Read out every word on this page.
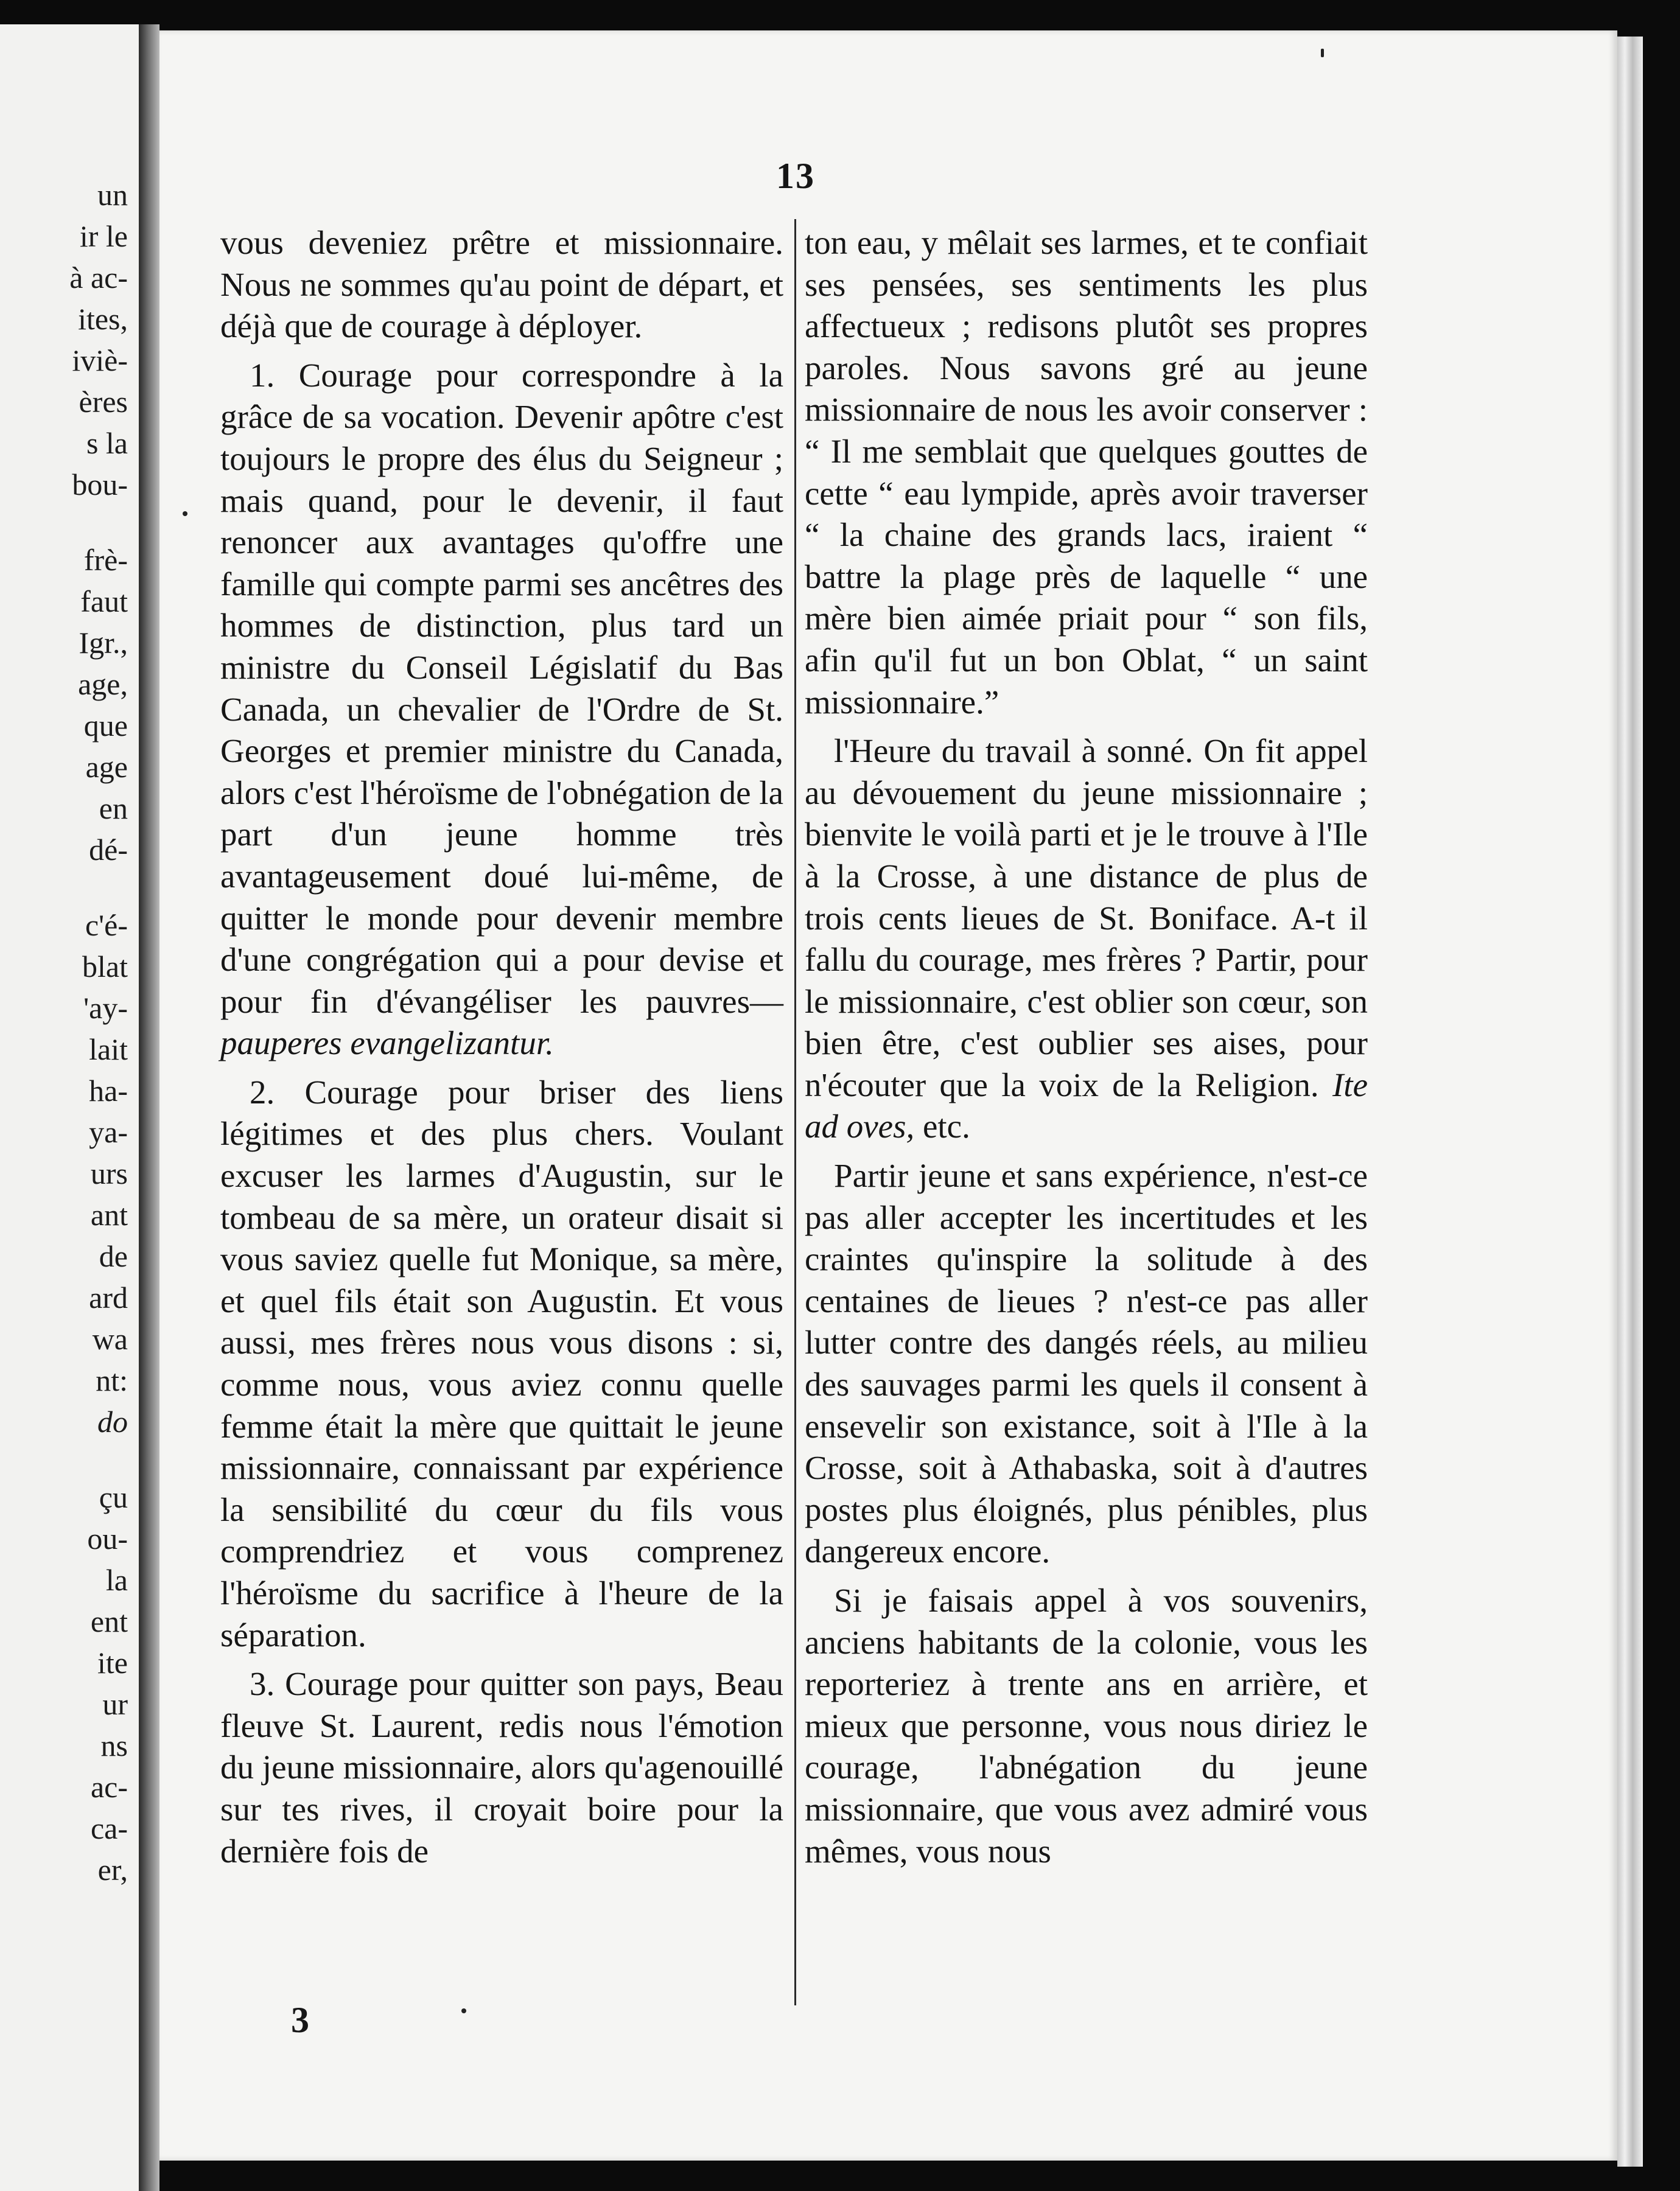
un
ir le
à ac-
ites,
iviè-
ères
s la
bou-
frè-
faut
Igr.,
age,
que
age
en
dé-
c'é-
blat
'ay-
lait
ha-
ya-
urs
ant
de
ard
wa
nt:
do
çu
ou-
la
ent
ite
ur
ns
ac-
ca-
er,
13

vous deveniez prêtre et missionnaire. Nous ne sommes qu'au point de départ, et déjà que de courage à déployer.

1. Courage pour correspondre à la grâce de sa vocation. Devenir apôtre c'est toujours le propre des élus du Seigneur ; mais quand, pour le devenir, il faut renoncer aux avantages qu'offre une famille qui compte parmi ses ancêtres des hommes de distinction, plus tard un ministre du Conseil Législatif du Bas Canada, un chevalier de l'Ordre de St. Georges et premier ministre du Canada, alors c'est l'héroïsme de l'obnégation de la part d'un jeune homme très avantageusement doué lui-même, de quitter le monde pour devenir membre d'une congrégation qui a pour devise et pour fin d'évangéliser les pauvres—pauperes evangelizantur.

2. Courage pour briser des liens légitimes et des plus chers. Voulant excuser les larmes d'Augustin, sur le tombeau de sa mère, un orateur disait si vous saviez quelle fut Monique, sa mère, et quel fils était son Augustin. Et vous aussi, mes frères nous vous disons : si, comme nous, vous aviez connu quelle femme était la mère que quittait le jeune missionnaire, connaissant par expérience la sensibilité du cœur du fils vous comprendriez et vous comprenez l'héroïsme du sacrifice à l'heure de la séparation.

3. Courage pour quitter son pays, Beau fleuve St. Laurent, redis nous l'émotion du jeune missionnaire, alors qu'agenouillé sur tes rives, il croyait boire pour la dernière fois de

ton eau, y mêlait ses larmes, et te confiait ses pensées, ses sentiments les plus affectueux ; redisons plutôt ses propres paroles. Nous savons gré au jeune missionnaire de nous les avoir conserver : “ Il me semblait que quelques gouttes de cette “ eau lympide, après avoir traverser “ la chaine des grands lacs, iraient “ battre la plage près de laquelle “ une mère bien aimée priait pour “ son fils, afin qu'il fut un bon Oblat, “ un saint missionnaire.”

l'Heure du travail à sonné. On fit appel au dévouement du jeune missionnaire ; bienvite le voilà parti et je le trouve à l'Ile à la Crosse, à une distance de plus de trois cents lieues de St. Boniface. A-t il fallu du courage, mes frères ? Partir, pour le missionnaire, c'est oblier son cœur, son bien être, c'est oublier ses aises, pour n'écouter que la voix de la Religion. Ite ad oves, etc.

Partir jeune et sans expérience, n'est-ce pas aller accepter les incertitudes et les craintes qu'inspire la solitude à des centaines de lieues ? n'est-ce pas aller lutter contre des dangés réels, au milieu des sauvages parmi les quels il consent à ensevelir son existance, soit à l'Ile à la Crosse, soit à Athabaska, soit à d'autres postes plus éloignés, plus pénibles, plus dangereux encore.

Si je faisais appel à vos souvenirs, anciens habitants de la colonie, vous les reporteriez à trente ans en arrière, et mieux que personne, vous nous diriez le courage, l'abnégation du jeune missionnaire, que vous avez admiré vous mêmes, vous nous

3
